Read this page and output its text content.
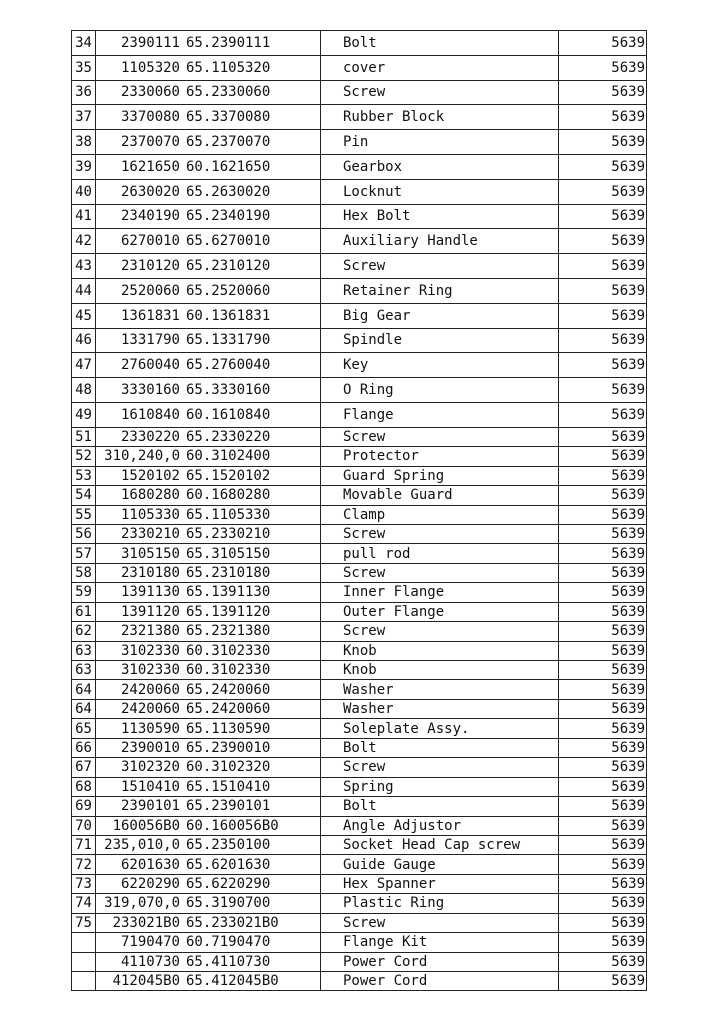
34	2390111 65.2390111	Bolt	5639
35	1105320 65.1105320	cover	5639
36	2330060 65.2330060	Screw	5639
37	3370080 65.3370080	Rubber Block	5639
38	2370070 65.2370070	Pin	5639
39	1621650 60.1621650	Gearbox	5639
40	2630020 65.2630020	Locknut	5639
41	2340190 65.2340190	Hex Bolt	5639
42	6270010 65.6270010	Auxiliary Handle	5639
43	2310120 65.2310120	Screw	5639
44	2520060 65.2520060	Retainer Ring	5639
45	1361831 60.1361831	Big Gear	5639
46	1331790 65.1331790	Spindle	5639
47	2760040 65.2760040	Key	5639
48	3330160 65.3330160	O Ring	5639
49	1610840 60.1610840	Flange	5639
51	2330220 65.2330220	Screw	5639
52	310,240,0 60.3102400	Protector	5639
53	1520102 65.1520102	Guard Spring	5639
54	1680280 60.1680280	Movable Guard	5639
55	1105330 65.1105330	Clamp	5639
56	2330210 65.2330210	Screw	5639
57	3105150 65.3105150	pull rod	5639
58	2310180 65.2310180	Screw	5639
59	1391130 65.1391130	Inner Flange	5639
61	1391120 65.1391120	Outer Flange	5639
62	2321380 65.2321380	Screw	5639
63	3102330 60.3102330	Knob	5639
63	3102330 60.3102330	Knob	5639
64	2420060 65.2420060	Washer	5639
64	2420060 65.2420060	Washer	5639
65	1130590 65.1130590	Soleplate Assy.	5639
66	2390010 65.2390010	Bolt	5639
67	3102320 60.3102320	Screw	5639
68	1510410 65.1510410	Spring	5639
69	2390101 65.2390101	Bolt	5639
70	160056B0 60.160056B0	Angle Adjustor	5639
71	235,010,0 65.2350100	Socket Head Cap screw	5639
72	6201630 65.6201630	Guide Gauge	5639
73	6220290 65.6220290	Hex Spanner	5639
74	319,070,0 65.3190700	Plastic Ring	5639
75	233021B0 65.233021B0	Screw	5639
	7190470 60.7190470	Flange Kit	5639
	4110730 65.4110730	Power Cord	5639
	412045B0 65.412045B0	Power Cord	5639
